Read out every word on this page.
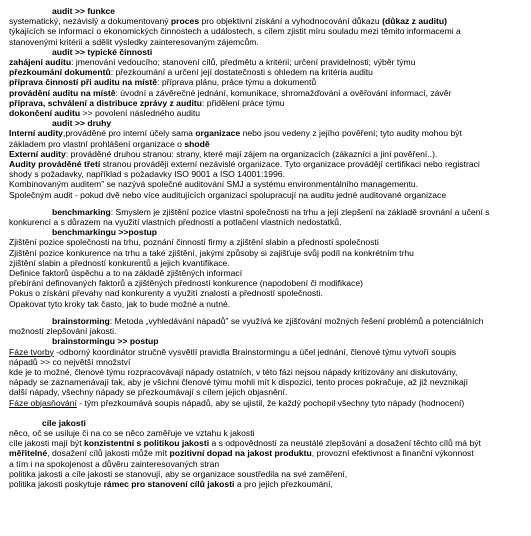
audit >> funkce
systematický, nezávislý a dokumentovaný proces pro objektivní získání a vyhodnocování důkazu (důkaz z auditu)
týkajících se informací o ekonomických činnostech a událostech, s cílem zjistit míru souladu mezi těmito informacemi a
stanovenými kritérii a sdělit výsledky zainteresovaným zájemcům.
audit >> typické činnosti
zahájení auditu: jmenování vedoucího; stanovení cílů, předmětu a kritérií; určení pravidelnosti; výběr týmu
přezkoumání dokumentů: přezkoumání a určení její dostatečnosti s ohledem na kritéria auditu
příprava činností při auditu na místě: příprava plánu, práce týmu a dokumentů
provádění auditu na místě: úvodní a závěrečné jednání, komunikace, shromažďování a ověřování informací, závěr
příprava, schválení a distribuce zprávy z auditu: přidělení práce týmu
dokončení auditu >> povolení následného auditu
audit >> druhy
Interní audity,prováděné pro interní účely sama organizace nebo jsou vedeny z jejího pověření; tyto audity mohou být
základem pro vlastní prohlášení organizace o shodě
Externí audity: prováděné druhou stranou: strany, které mají zájem na organizacích (zákazníci a jiní pověření..).
Audity prováděné třetí stranou prováději externí nezávislé organizace. Tyto organizace provádějí certifikaci nebo registraci
shody s požadavky, například s požadavky ISO 9001 a ISO 14001:1996.
Kombinovaným auditem" se nazývá společné auditování SMJ a systému environmentálního managementu.
Společným audit - pokud dvě nebo více auditujících organizací spolupracují na auditu jedné auditované organizace
benchmarking: Smyslem je zjištění pozice vlastní společnosti na trhu a její zlepšení na základě srovnání a učení s
konkurencí a s důrazem na využití vlastních předností a potlačení vlastních nedostatků.
benchmarkingu >>postup
Zjištění pozice společnosti na trhu, poznání činností firmy a zjištění slabin a předností společnosti
Zjištění pozice konkurence na trhu a také zjištění, jakými způsoby si zajišťuje svůj podíl na konkrétním trhu
zjištění slabin a předností konkurentů a jejich kvantifikace.
Definice faktorů úspěchu a to na základě zjištěných informací
přebírání definovaných faktorů a zjištěných předností konkurence (napodobení či modifikace)
Pokus o získání převahy nad konkurenty a využití znalostí a předností společnosti.
Opakovat tyto kroky tak často, jak to bude možné a nutné.
brainstorming: Metoda „vyhledávání nápadů" se využívá ke zjišťování možných řešení problémů a potenciálních
možností zlepšování jakosti.
brainstormingu >> postup
Fáze tvorby -odborný koordinátor stručně vysvětlí pravidla Brainstormingu a účel jednání, členové týmu vytvoří soupis
nápadů >> co největší množství
kde je to možné, členové týmu rozpracovávají nápady ostatních, v této fázi nejsou nápady kritizovány ani diskutovány,
nápady se zaznamenávají tak, aby je všichni členové týmu mohli mít k dispozici, tento proces pokračuje, až již nevznikají
další nápady, všechny nápady se přezkoumávají s cílem jejich objasnění.
Fáze objasňování - tým přezkoumává soupis nápadů, aby se ujistil, že každý pochopil všechny tyto nápady (hodnocení)
cíle jakosti
něco, oč se usiluje či na co se něco zaměřuje ve vztahu k jakosti
cíle jakosti mají být konzistentní s politikou jakosti a s odpovědností za neustálé zlepšování a dosažení těchto cílů má být
měřitelné, dosažení cílů jakosti může mít pozitivní dopad na jakost produktu, provozní efektivnost a finanční výkonnost
a tím i na spokojenost a důvěru zainteresovaných stran
politika jakosti a cíle jakosti se stanovují, aby se organizace soustředila na své zaměření,
politika jakosti poskytuje rámec pro stanovení cílů jakosti a pro jejich přezkoumání,
